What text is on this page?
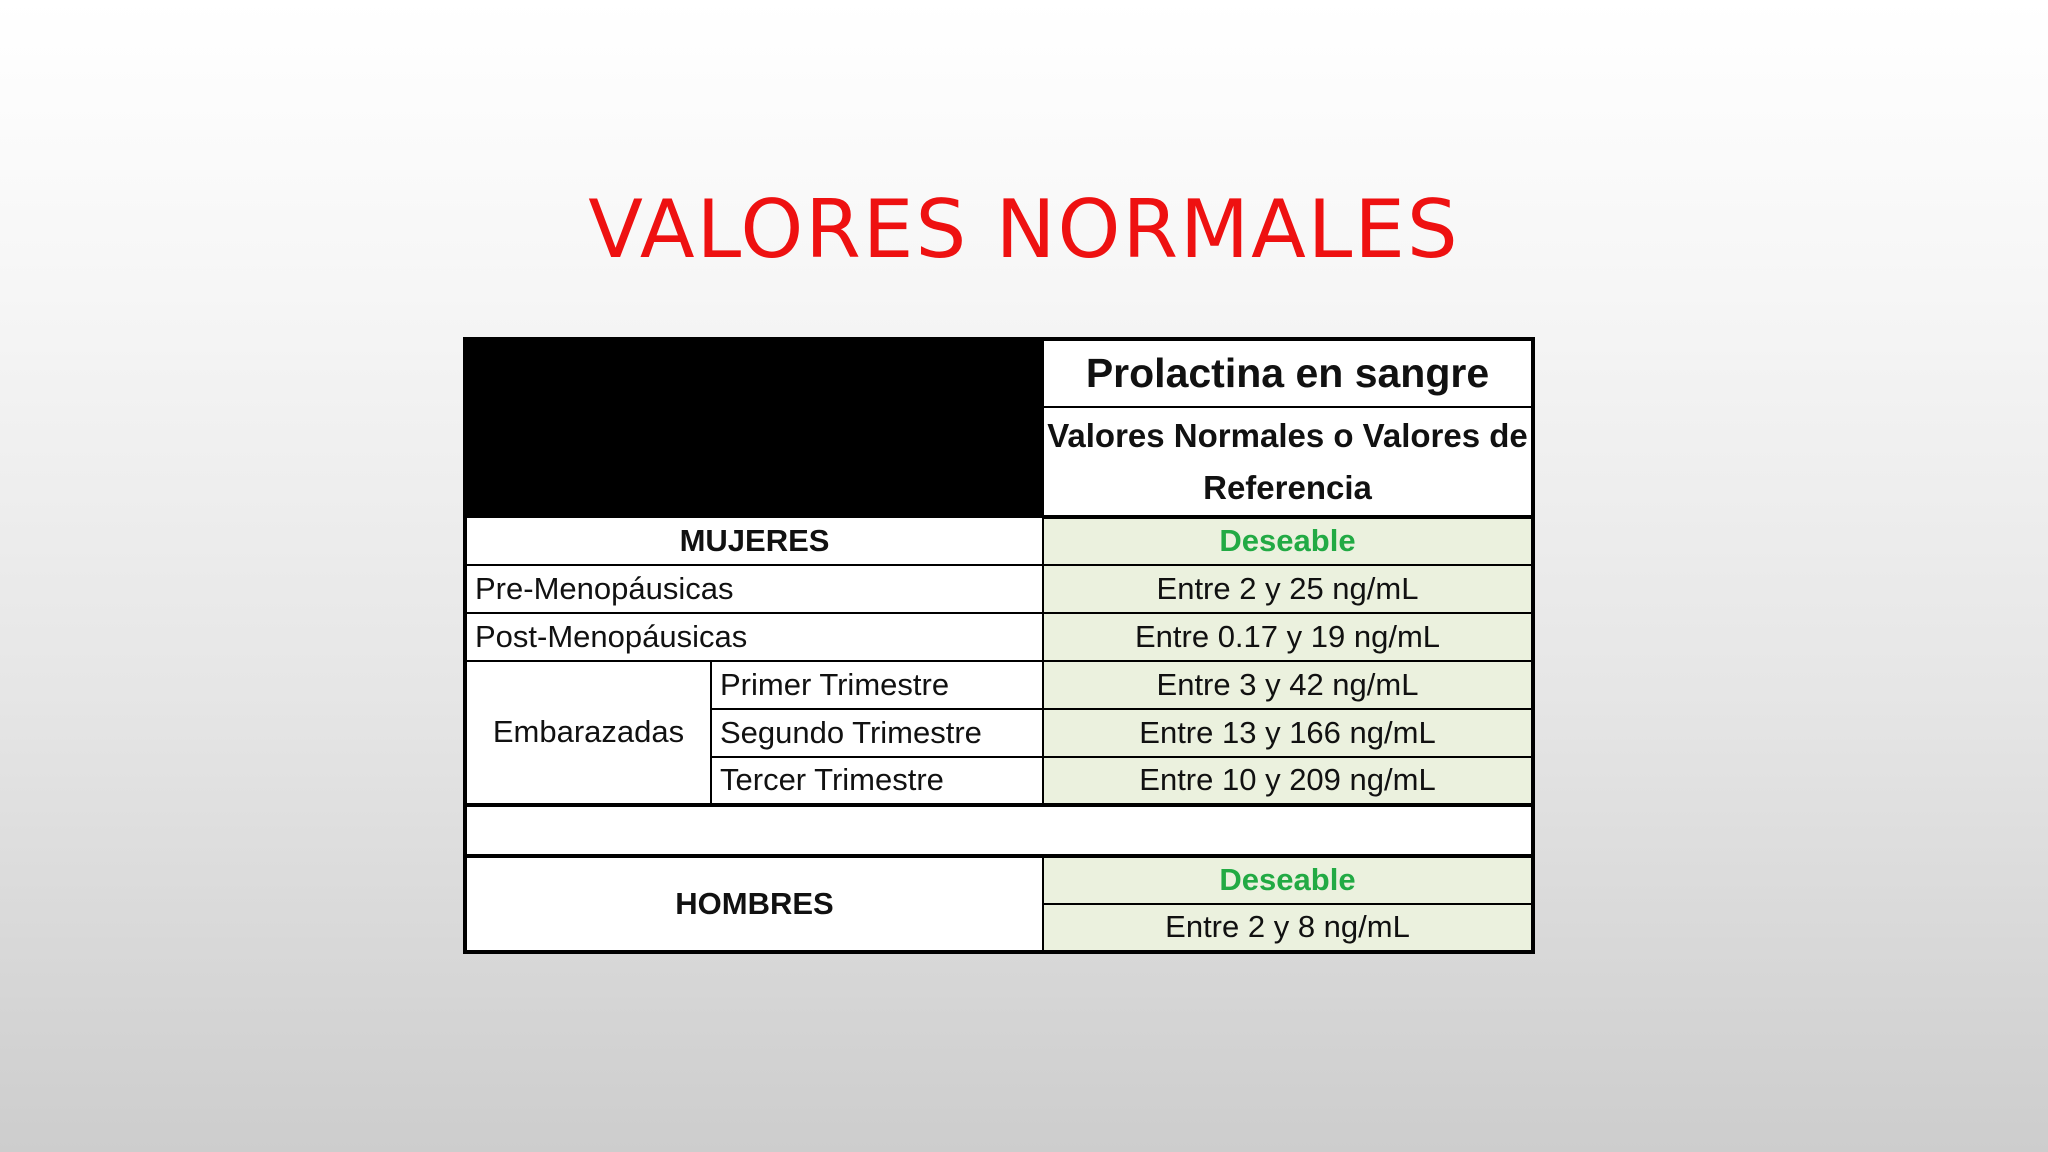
VALORES NORMALES
		Prolactina en sangre
		Valores Normales o Valores de Referencia
MUJERES		Deseable
Pre-Menopáusicas		Entre 2 y 25 ng/mL
Post-Menopáusicas		Entre 0.17 y 19 ng/mL
Embarazadas	Primer Trimestre	Entre 3 y 42 ng/mL
	Segundo Trimestre	Entre 13 y 166 ng/mL
	Tercer Trimestre	Entre 10 y 209 ng/mL

HOMBRES		Deseable
		Entre 2 y 8 ng/mL
